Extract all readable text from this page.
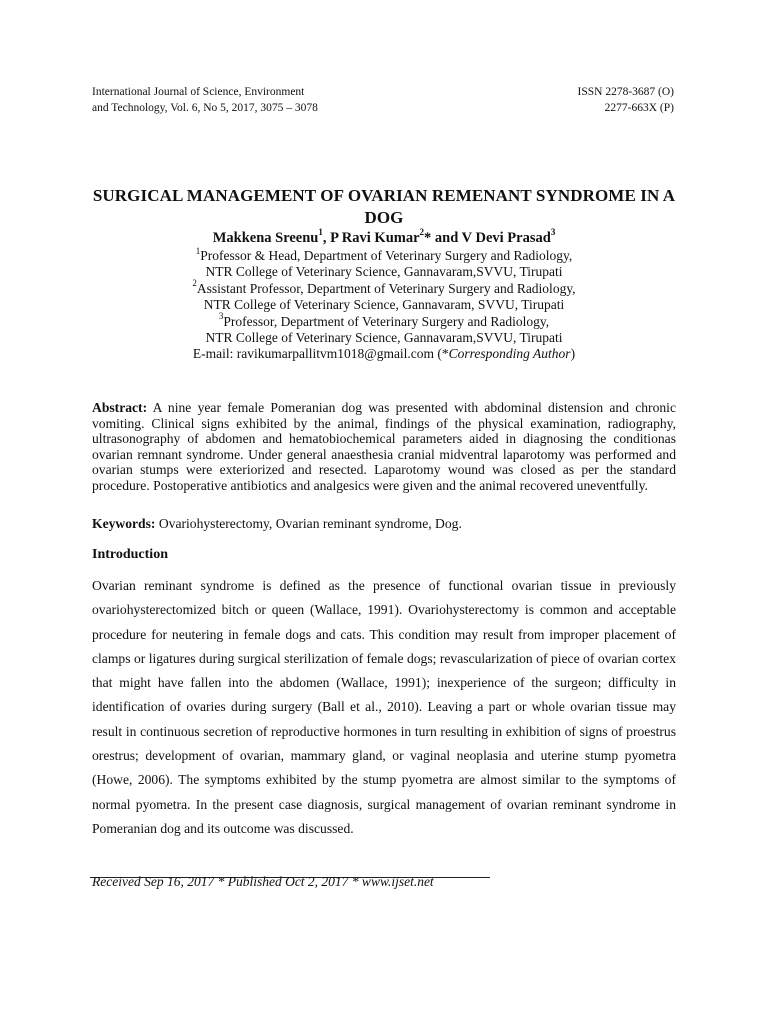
International Journal of Science, Environment
and Technology, Vol. 6, No 5, 2017, 3075 – 3078
ISSN 2278-3687 (O)
2277-663X (P)
SURGICAL MANAGEMENT OF OVARIAN REMENANT SYNDROME IN A DOG
Makkena Sreenu$^1$, P Ravi Kumar$^2$* and V Devi Prasad$^3$
$^1$Professor & Head, Department of Veterinary Surgery and Radiology,
NTR College of Veterinary Science, Gannavaram,SVVU, Tirupati
$^2$Assistant Professor, Department of Veterinary Surgery and Radiology,
NTR College of Veterinary Science, Gannavaram, SVVU, Tirupati
$^3$Professor, Department of Veterinary Surgery and Radiology,
NTR College of Veterinary Science, Gannavaram,SVVU, Tirupati
E-mail: ravikumarpallitvm1018@gmail.com (*Corresponding Author)
Abstract: A nine year female Pomeranian dog was presented with abdominal distension and chronic vomiting. Clinical signs exhibited by the animal, findings of the physical examination, radiography, ultrasonography of abdomen and hematobiochemical parameters aided in diagnosing the conditionas ovarian remnant syndrome. Under general anaesthesia cranial midventral laparotomy was performed and ovarian stumps were exteriorized and resected. Laparotomy wound was closed as per the standard procedure. Postoperative antibiotics and analgesics were given and the animal recovered uneventfully.
Keywords: Ovariohysterectomy, Ovarian reminant syndrome, Dog.
Introduction
Ovarian reminant syndrome is defined as the presence of functional ovarian tissue in previously ovariohysterectomized bitch or queen (Wallace, 1991). Ovariohysterectomy is common and acceptable procedure for neutering in female dogs and cats. This condition may result from improper placement of clamps or ligatures during surgical sterilization of female dogs; revascularization of piece of ovarian cortex that might have fallen into the abdomen (Wallace, 1991); inexperience of the surgeon; difficulty in identification of ovaries during surgery (Ball et al., 2010). Leaving a part or whole ovarian tissue may result in continuous secretion of reproductive hormones in turn resulting in exhibition of signs of proestrus orestrus; development of ovarian, mammary gland, or vaginal neoplasia and uterine stump pyometra (Howe, 2006). The symptoms exhibited by the stump pyometra are almost similar to the symptoms of normal pyometra. In the present case diagnosis, surgical management of ovarian reminant syndrome in Pomeranian dog and its outcome was discussed.
Received Sep 16, 2017 * Published Oct 2, 2017 * www.ijset.net
